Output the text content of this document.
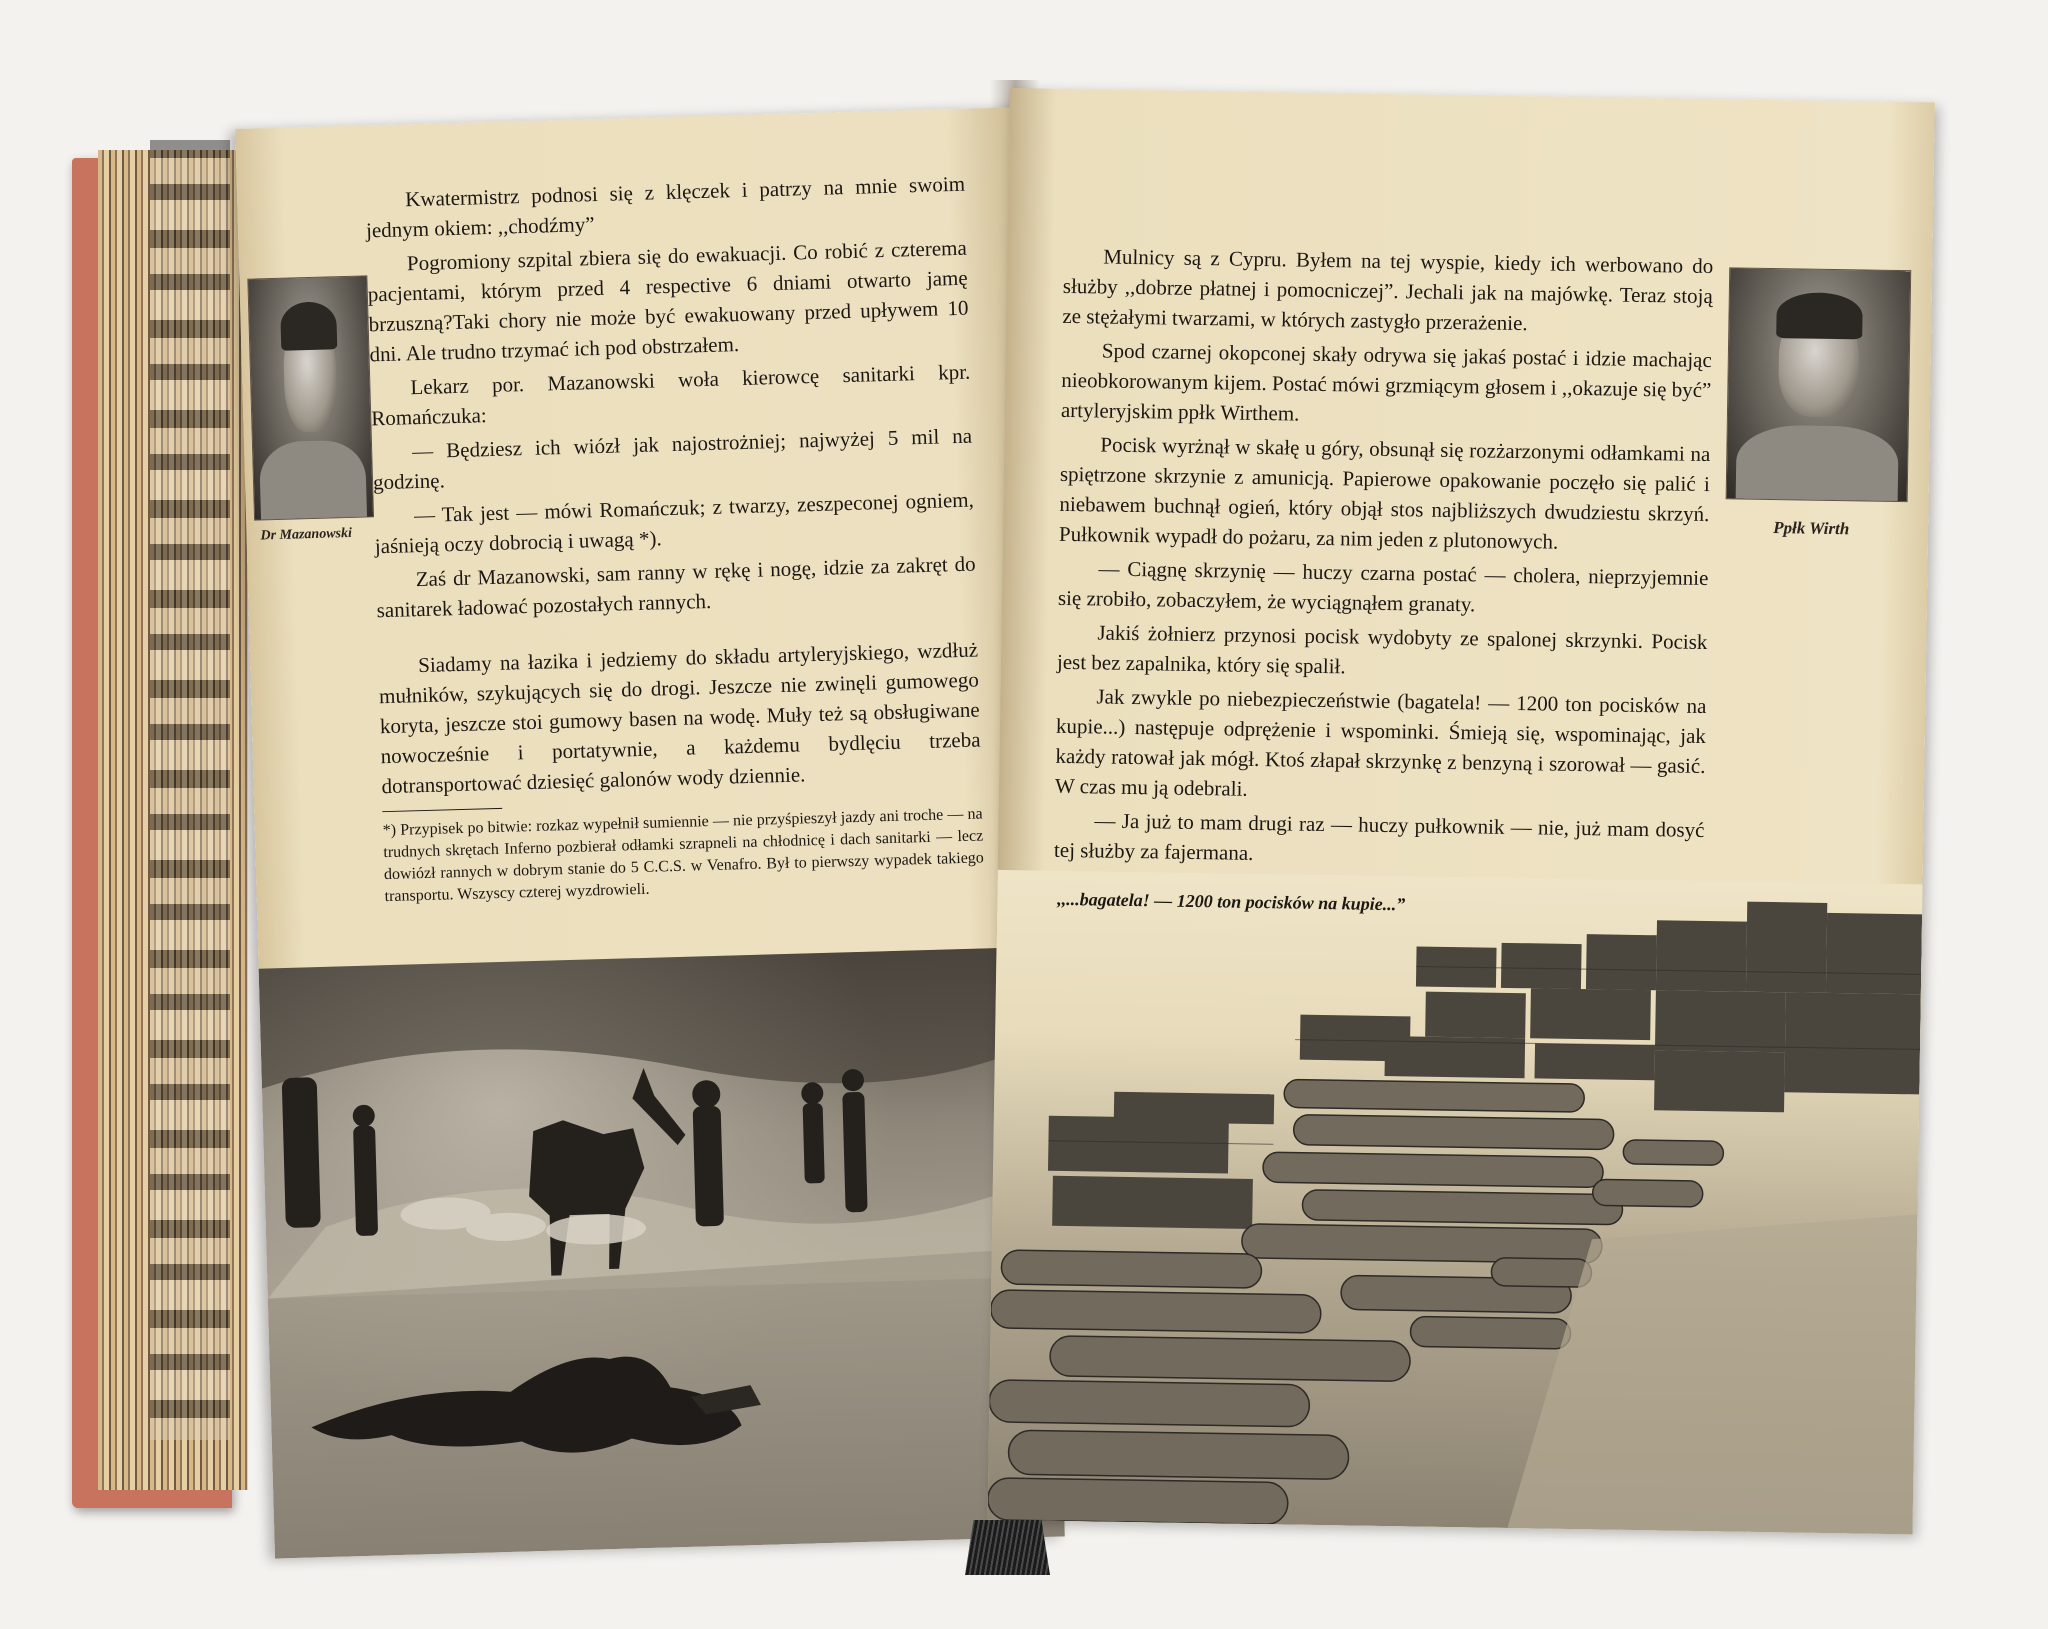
Dr Mazanowski

Kwatermistrz podnosi się z klęczek i patrzy na mnie swoim jednym okiem: ,,chodźmy”

Pogromiony szpital zbiera się do ewakuacji. Co robić z czterema pacjentami, którym przed 4 respective 6 dniami otwarto jamę brzuszną?Taki chory nie może być ewakuowany przed upływem 10 dni. Ale trudno trzymać ich pod obstrzałem.

Lekarz por. Mazanowski woła kierowcę sanitarki kpr. Romańczuka:

— Będziesz ich wiózł jak najostrożniej; najwyżej 5 mil na godzinę.

— Tak jest — mówi Romańczuk; z twarzy, zeszpeconej ogniem, jaśnieją oczy dobrocią i uwagą *).

Zaś dr Mazanowski, sam ranny w rękę i nogę, idzie za zakręt do sanitarek ładować pozostałych rannych.

Siadamy na łazika i jedziemy do składu artyleryjskiego, wzdłuż mułników, szykujących się do drogi. Jeszcze nie zwinęli gumowego koryta, jeszcze stoi gumowy basen na wodę. Muły też są obsługiwane nowocześnie i portatywnie, a każdemu bydlęciu trzeba dotransportować dziesięć galonów wody dziennie.

*) Przypisek po bitwie: rozkaz wypełnił sumiennie — nie przyśpieszył jazdy ani troche — na trudnych skrętach Inferno pozbierał odłamki szrapneli na chłodnicę i dach sanitarki — lecz dowiózł rannych w dobrym stanie do 5 C.C.S. w Venafro. Był to pierwszy wypadek takiego transportu. Wszyscy czterej wyzdrowieli.

Mulnicy są z Cypru. Byłem na tej wyspie, kiedy ich werbowano do służby ,,dobrze płatnej i pomocniczej”. Jechali jak na majówkę. Teraz stoją ze stężałymi twarzami, w których zastygło przerażenie.

Spod czarnej okopconej skały odrywa się jakaś postać i idzie machając nieobkorowanym kijem. Postać mówi grzmiącym głosem i ,,okazuje się być” artyleryjskim ppłk Wirthem.

Pocisk wyrżnął w skałę u góry, obsunął się rozżarzonymi odłamkami na spiętrzone skrzynie z amunicją. Papierowe opakowanie poczęło się palić i niebawem buchnął ogień, który objął stos najbliższych dwudziestu skrzyń. Pułkownik wypadł do pożaru, za nim jeden z plutonowych.

— Ciągnę skrzynię — huczy czarna postać — cholera, nieprzyjemnie się zrobiło, zobaczyłem, że wyciągnąłem granaty.

Jakiś żołnierz przynosi pocisk wydobyty ze spalonej skrzynki. Pocisk jest bez zapalnika, który się spalił.

Jak zwykle po niebezpieczeństwie (bagatela! — 1200 ton pocisków na kupie...) następuje odprężenie i wspominki. Śmieją się, wspominając, jak każdy ratował jak mógł. Ktoś złapał skrzynkę z benzyną i szorował — gasić. W czas mu ją odebrali.

— Ja już to mam drugi raz — huczy pułkownik — nie, już mam dosyć tej służby za fajermana.

Ppłk Wirth
,,...bagatela! — 1200 ton pocisków na kupie...”
